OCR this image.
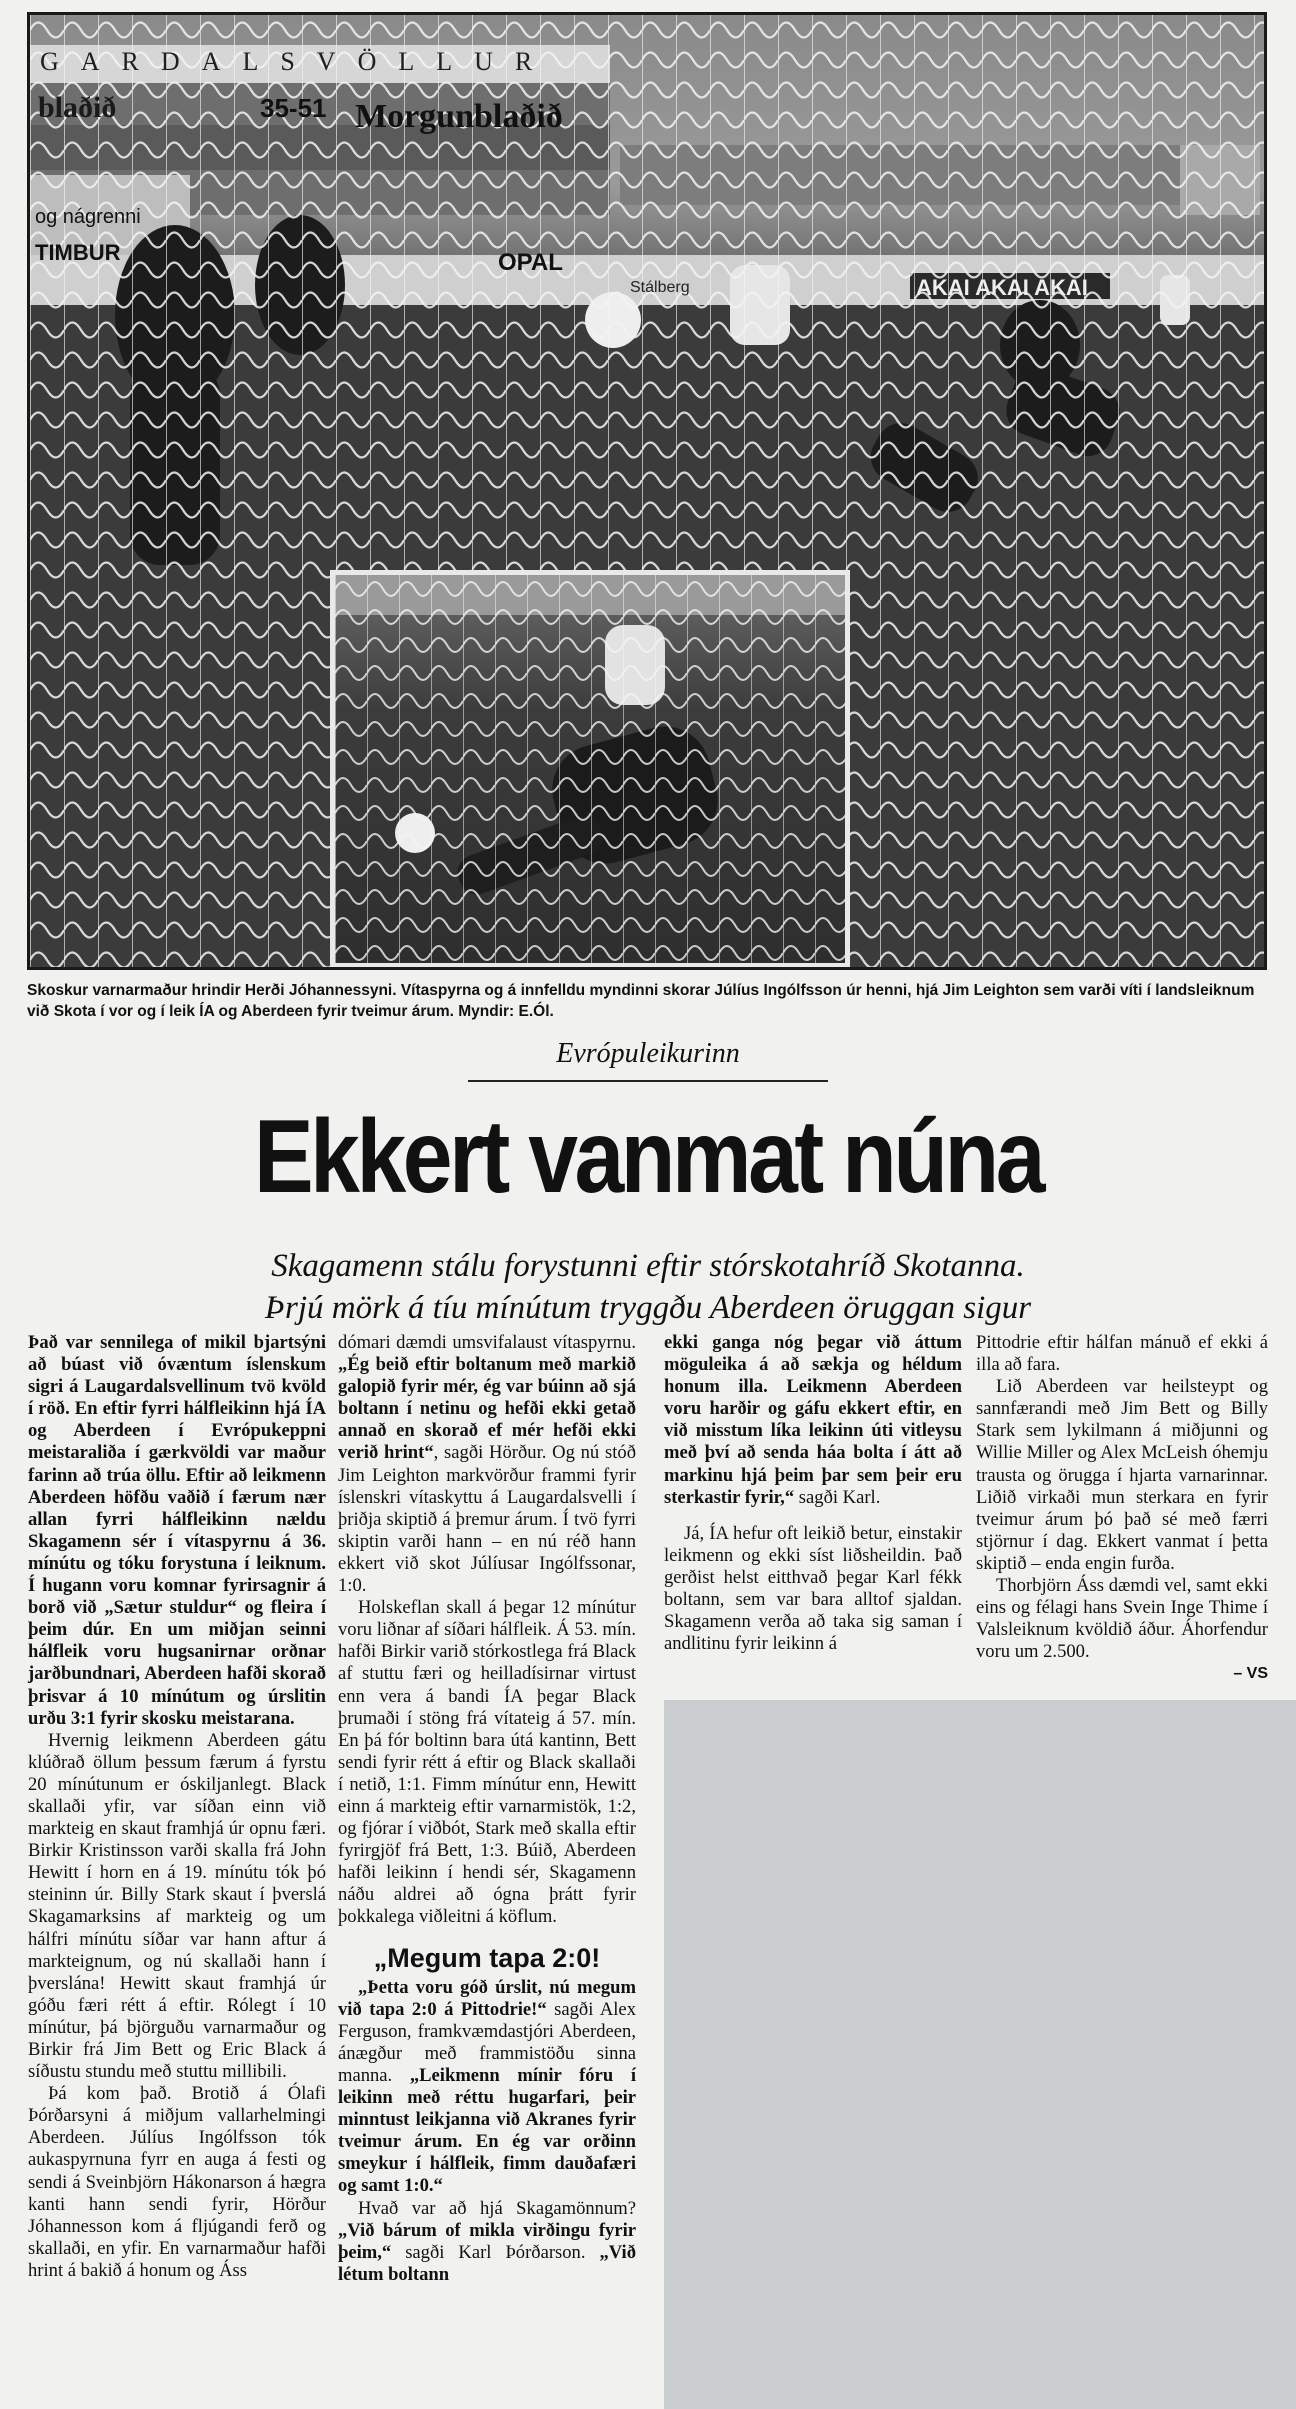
GARDALSVÖLLUR
blaðið	35-51 Morgunblaðið
og nágrenni
TIMBUR	OPAL
Stálberg	AKAI AKAI AKAI
Skoskur varnarmaður hrindir Herði Jóhannessyni. Vítaspyrna og á innfelldu myndinni skorar Júlíus Ingólfsson úr henni, hjá Jim Leighton sem varði víti í landsleiknum við Skota í vor og í leik ÍA og Aberdeen fyrir tveimur árum. Myndir: E.Ól.
Evrópuleikurinn
Ekkert vanmat núna
Skagamenn stálu forystunni eftir stórskotahríð Skotanna.
Þrjú mörk á tíu mínútum tryggðu Aberdeen öruggan sigur

Það var sennilega of mikil bjartsýni að búast við óvæntum íslenskum sigri á Laugardalsvellinum tvö kvöld í röð. En eftir fyrri hálfleikinn hjá ÍA og Aberdeen í Evrópukeppni meistaraliða í gærkvöldi var maður farinn að trúa öllu. Eftir að leikmenn Aberdeen höfðu vaðið í færum nær allan fyrri hálfleikinn nældu Skagamenn sér í vítaspyrnu á 36. mínútu og tóku forystuna í leiknum. Í hugann voru komnar fyrirsagnir á borð við „Sætur stuldur“ og fleira í þeim dúr. En um miðjan seinni hálfleik voru hugsanirnar orðnar jarðbundnari, Aberdeen hafði skorað þrisvar á 10 mínútum og úrslitin urðu 3:1 fyrir skosku meistarana.

Hvernig leikmenn Aberdeen gátu klúðrað öllum þessum færum á fyrstu 20 mínútunum er óskiljanlegt. Black skallaði yfir, var síðan einn við markteig en skaut framhjá úr opnu færi. Birkir Kristinsson varði skalla frá John Hewitt í horn en á 19. mínútu tók þó steininn úr. Billy Stark skaut í þverslá Skagamarksins af markteig og um hálfri mínútu síðar var hann aftur á markteignum, og nú skallaði hann í þverslána! Hewitt skaut framhjá úr góðu færi rétt á eftir. Rólegt í 10 mínútur, þá björguðu varnarmaður og Birkir frá Jim Bett og Eric Black á síðustu stundu með stuttu millibili.

Þá kom það. Brotið á Ólafi Þórðarsyni á miðjum vallarhelmingi Aberdeen. Júlíus Ingólfsson tók aukaspyrnuna fyrr en auga á festi og sendi á Sveinbjörn Hákonarson á hægra kanti hann sendi fyrir, Hörður Jóhannesson kom á fljúgandi ferð og skallaði, en yfir. En varnarmaður hafði hrint á bakið á honum og Áss

dómari dæmdi umsvifalaust vítaspyrnu. „Ég beið eftir boltanum með markið galopið fyrir mér, ég var búinn að sjá boltann í netinu og hefði ekki getað annað en skorað ef mér hefði ekki verið hrint“, sagði Hörður. Og nú stóð Jim Leighton markvörður frammi fyrir íslenskri vítaskyttu á Laugardalsvelli í þriðja skiptið á þremur árum. Í tvö fyrri skiptin varði hann – en nú réð hann ekkert við skot Júlíusar Ingólfssonar, 1:0.

Holskeflan skall á þegar 12 mínútur voru liðnar af síðari hálfleik. Á 53. mín. hafði Birkir varið stórkostlega frá Black af stuttu færi og heilladísirnar virtust enn vera á bandi ÍA þegar Black þrumaði í stöng frá vítateig á 57. mín. En þá fór boltinn bara útá kantinn, Bett sendi fyrir rétt á eftir og Black skallaði í netið, 1:1. Fimm mínútur enn, Hewitt einn á markteig eftir varnarmistök, 1:2, og fjórar í viðbót, Stark með skalla eftir fyrirgjöf frá Bett, 1:3. Búið, Aberdeen hafði leikinn í hendi sér, Skagamenn náðu aldrei að ógna þrátt fyrir þokkalega viðleitni á köflum.

„Megum tapa 2:0!

„Þetta voru góð úrslit, nú megum við tapa 2:0 á Pittodrie!“ sagði Alex Ferguson, framkvæmdastjóri Aberdeen, ánægður með frammistöðu sinna manna. „Leikmenn mínir fóru í leikinn með réttu hugarfari, þeir minntust leikjanna við Akranes fyrir tveimur árum. En ég var orðinn smeykur í hálfleik, fimm dauðafæri og samt 1:0.“

Hvað var að hjá Skagamönnum? „Við bárum of mikla virðingu fyrir þeim,“ sagði Karl Þórðarson. „Við létum boltann

ekki ganga nóg þegar við áttum möguleika á að sækja og héldum honum illa. Leikmenn Aberdeen voru harðir og gáfu ekkert eftir, en við misstum líka leikinn úti vitleysu með því að senda háa bolta í átt að markinu hjá þeim þar sem þeir eru sterkastir fyrir,“ sagði Karl.

Já, ÍA hefur oft leikið betur, einstakir leikmenn og ekki síst liðsheildin. Það gerðist helst eitthvað þegar Karl fékk boltann, sem var bara alltof sjaldan. Skagamenn verða að taka sig saman í andlitinu fyrir leikinn á

Pittodrie eftir hálfan mánuð ef ekki á illa að fara.

Lið Aberdeen var heilsteypt og sannfærandi með Jim Bett og Billy Stark sem lykilmann á miðjunni og Willie Miller og Alex McLeish óhemju trausta og örugga í hjarta varnarinnar. Liðið virkaði mun sterkara en fyrir tveimur árum þó það sé með færri stjörnur í dag. Ekkert vanmat í þetta skiptið – enda engin furða.

Thorbjörn Áss dæmdi vel, samt ekki eins og félagi hans Svein Inge Thime í Valsleiknum kvöldið áður. Áhorfendur voru um 2.500.

– VS
